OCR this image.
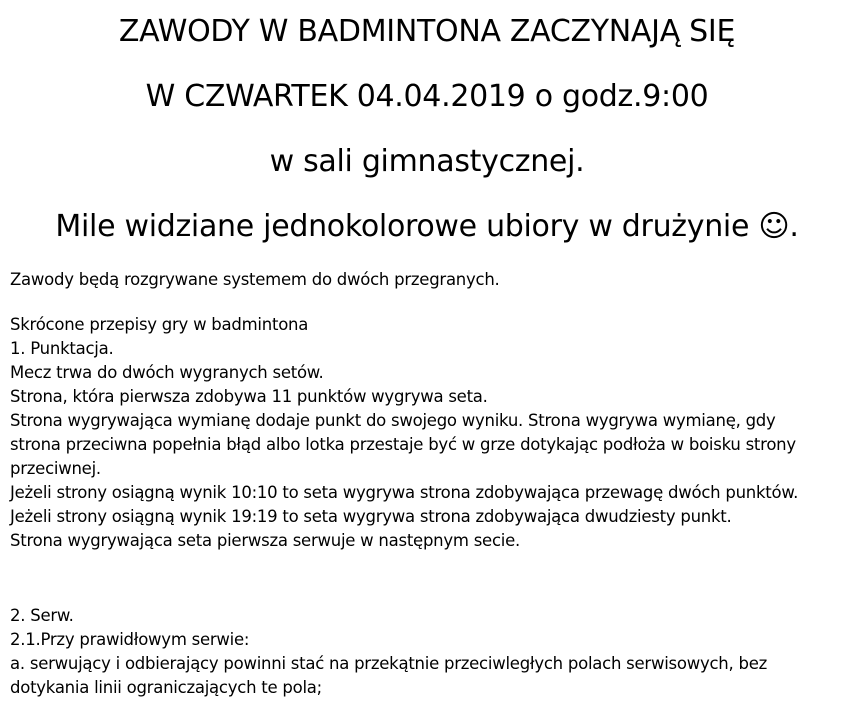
ZAWODY W BADMINTONA ZACZYNAJĄ SIĘ
W CZWARTEK 04.04.2019 o godz.9:00
w sali gimnastycznej.
Mile widziane jednokolorowe ubiory w drużynie ☺.
Zawody będą rozgrywane systemem do dwóch przegranych.
Skrócone przepisy gry w badmintona
1. Punktacja.
Mecz trwa do dwóch wygranych setów.
Strona, która pierwsza zdobywa 11 punktów wygrywa seta.
Strona wygrywająca wymianę dodaje punkt do swojego wyniku. Strona wygrywa wymianę, gdy
strona przeciwna popełnia błąd albo lotka przestaje być w grze dotykając podłoża w boisku strony
przeciwnej.
Jeżeli strony osiągną wynik 10:10 to seta wygrywa strona zdobywająca przewagę dwóch punktów.
Jeżeli strony osiągną wynik 19:19 to seta wygrywa strona zdobywająca dwudziesty punkt.
Strona wygrywająca seta pierwsza serwuje w następnym secie.
2. Serw.
2.1.Przy prawidłowym serwie:
a. serwujący i odbierający powinni stać na przekątnie przeciwległych polach serwisowych, bez
dotykania linii ograniczających te pola;
